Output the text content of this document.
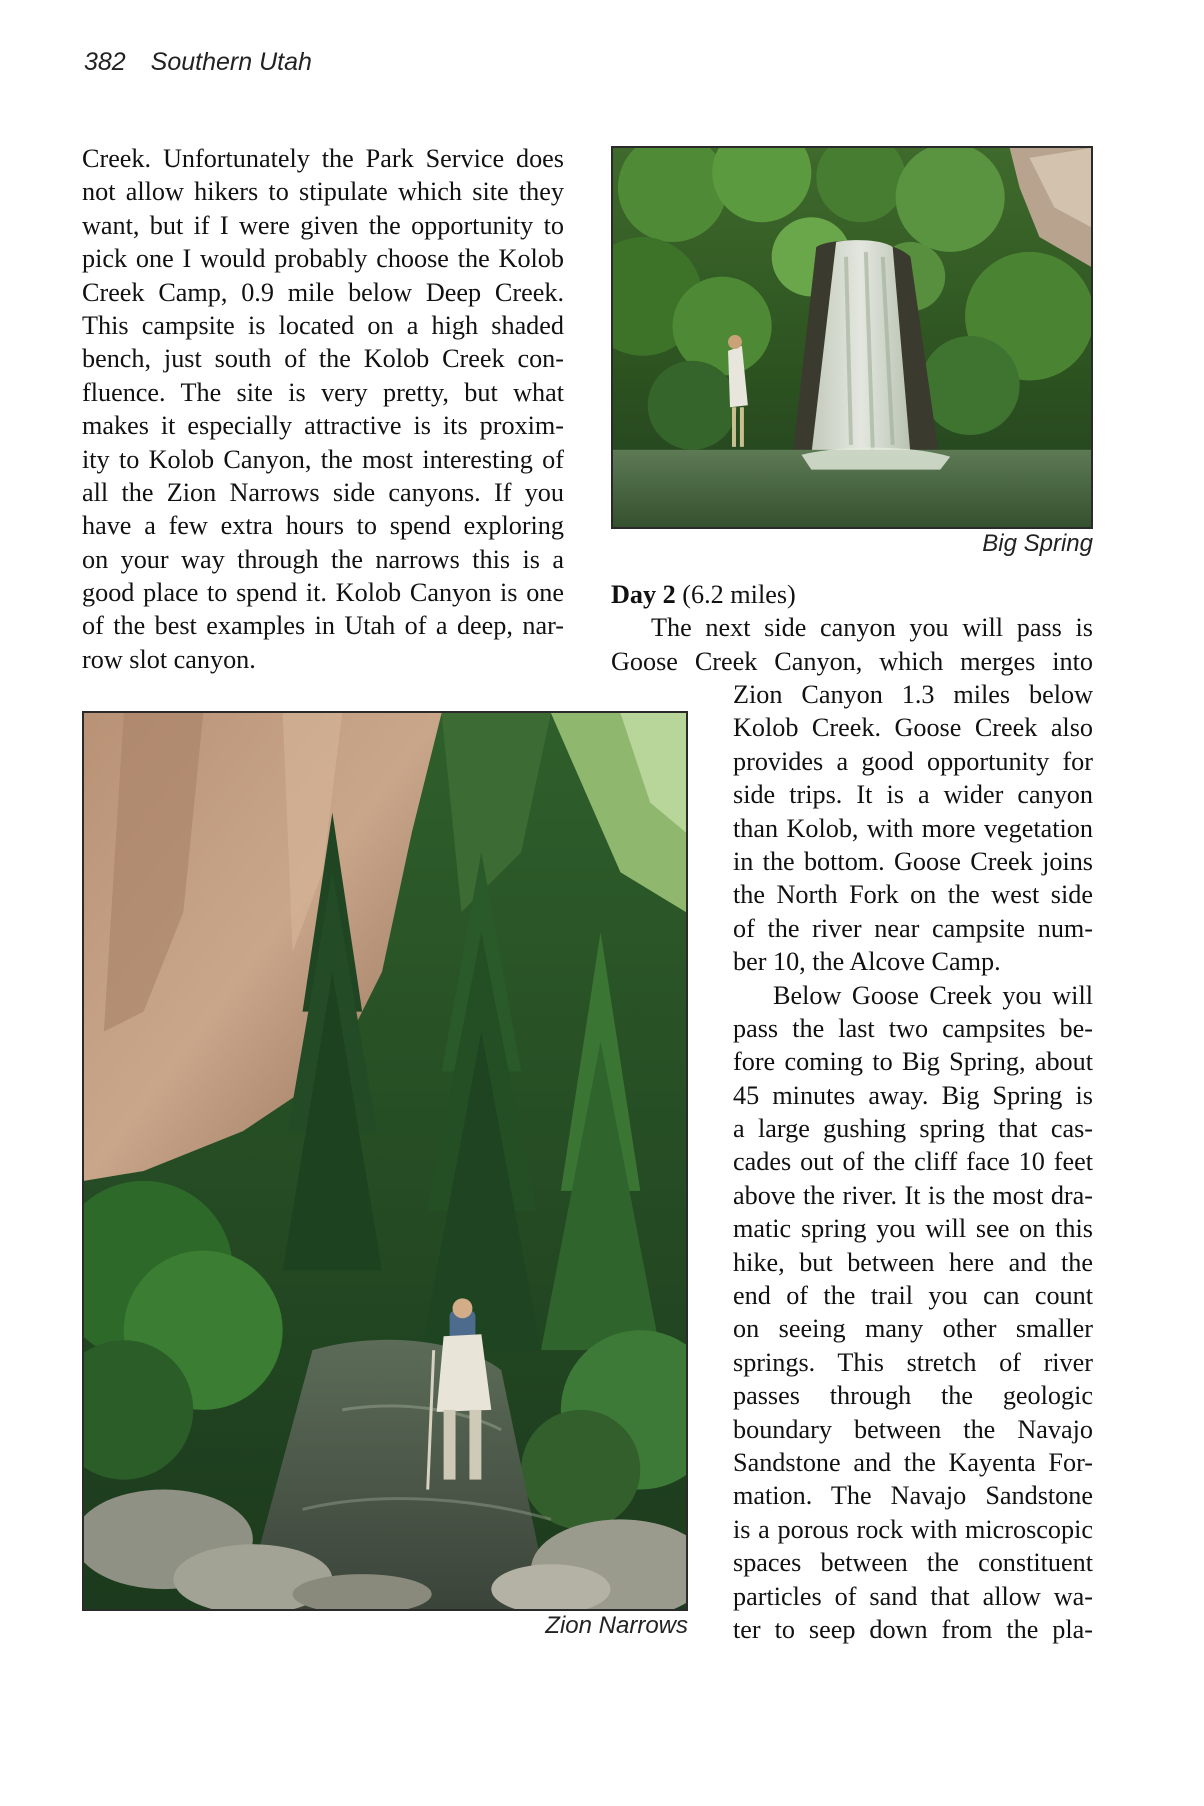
382 Southern Utah
Creek. Unfortunately the Park Service does
not allow hikers to stipulate which site they
want, but if I were given the opportunity to
pick one I would probably choose the Kolob
Creek Camp, 0.9 mile below Deep Creek.
This campsite is located on a high shaded
bench, just south of the Kolob Creek con-
fluence. The site is very pretty, but what
makes it especially attractive is its proxim-
ity to Kolob Canyon, the most interesting of
all the Zion Narrows side canyons. If you
have a few extra hours to spend exploring
on your way through the narrows this is a
good place to spend it. Kolob Canyon is one
of the best examples in Utah of a deep, nar-
row slot canyon.
Big Spring
Day 2 (6.2 miles)
The next side canyon you will pass is
Goose Creek Canyon, which merges into
Zion Canyon 1.3 miles below
Kolob Creek. Goose Creek also
provides a good opportunity for
side trips. It is a wider canyon
than Kolob, with more vegetation
in the bottom. Goose Creek joins
the North Fork on the west side
of the river near campsite num-
ber 10, the Alcove Camp.
Below Goose Creek you will
pass the last two campsites be-
fore coming to Big Spring, about
45 minutes away. Big Spring is
a large gushing spring that cas-
cades out of the cliff face 10 feet
above the river. It is the most dra-
matic spring you will see on this
hike, but between here and the
end of the trail you can count
on seeing many other smaller
springs. This stretch of river
passes through the geologic
boundary between the Navajo
Sandstone and the Kayenta For-
mation. The Navajo Sandstone
is a porous rock with microscopic
spaces between the constituent
particles of sand that allow wa-
ter to seep down from the pla-
Zion Narrows
